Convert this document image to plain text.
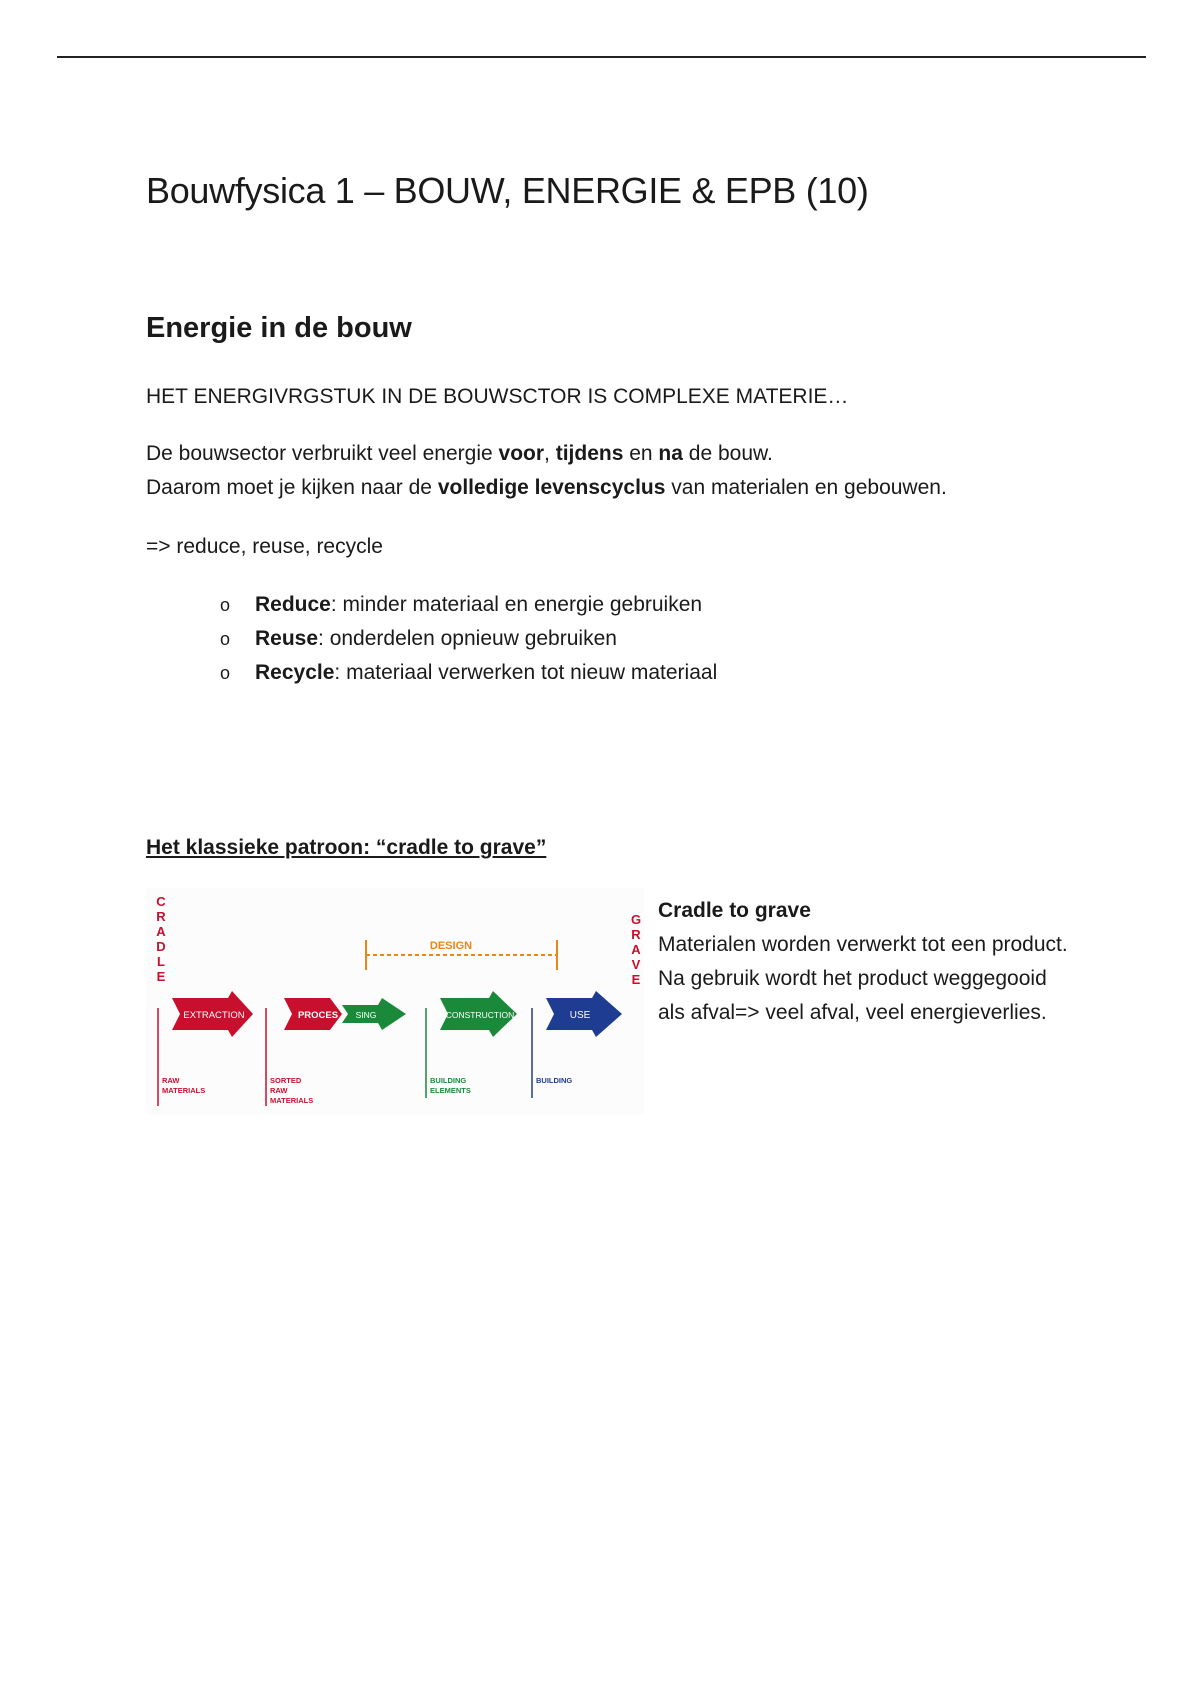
Bouwfysica 1 – BOUW, ENERGIE & EPB (10)
Energie in de bouw

HET ENERGIVRGSTUK IN DE BOUWSCTOR IS COMPLEXE MATERIE…

De bouwsector verbruikt veel energie voor, tijdens en na de bouw.
Daarom moet je kijken naar de volledige levenscyclus van materialen en gebouwen.

=> reduce, reuse, recycle

o Reduce: minder materiaal en energie gebruiken
o Reuse: onderdelen opnieuw gebruiken
o Recycle: materiaal verwerken tot nieuw materiaal
Het klassieke patroon: “cradle to grave”
C
R
A
D
L
E
G
R
A
V
E
DESIGN
EXTRACTION	PROCES SING	CONSTRUCTION	USE
RAW
MATERIALS
SORTED
RAW
MATERIALS
BUILDING
ELEMENTS
BUILDING

Cradle to grave

Materialen worden verwerkt tot een product. Na gebruik wordt het product weggegooid als afval=> veel afval, veel energieverlies.
